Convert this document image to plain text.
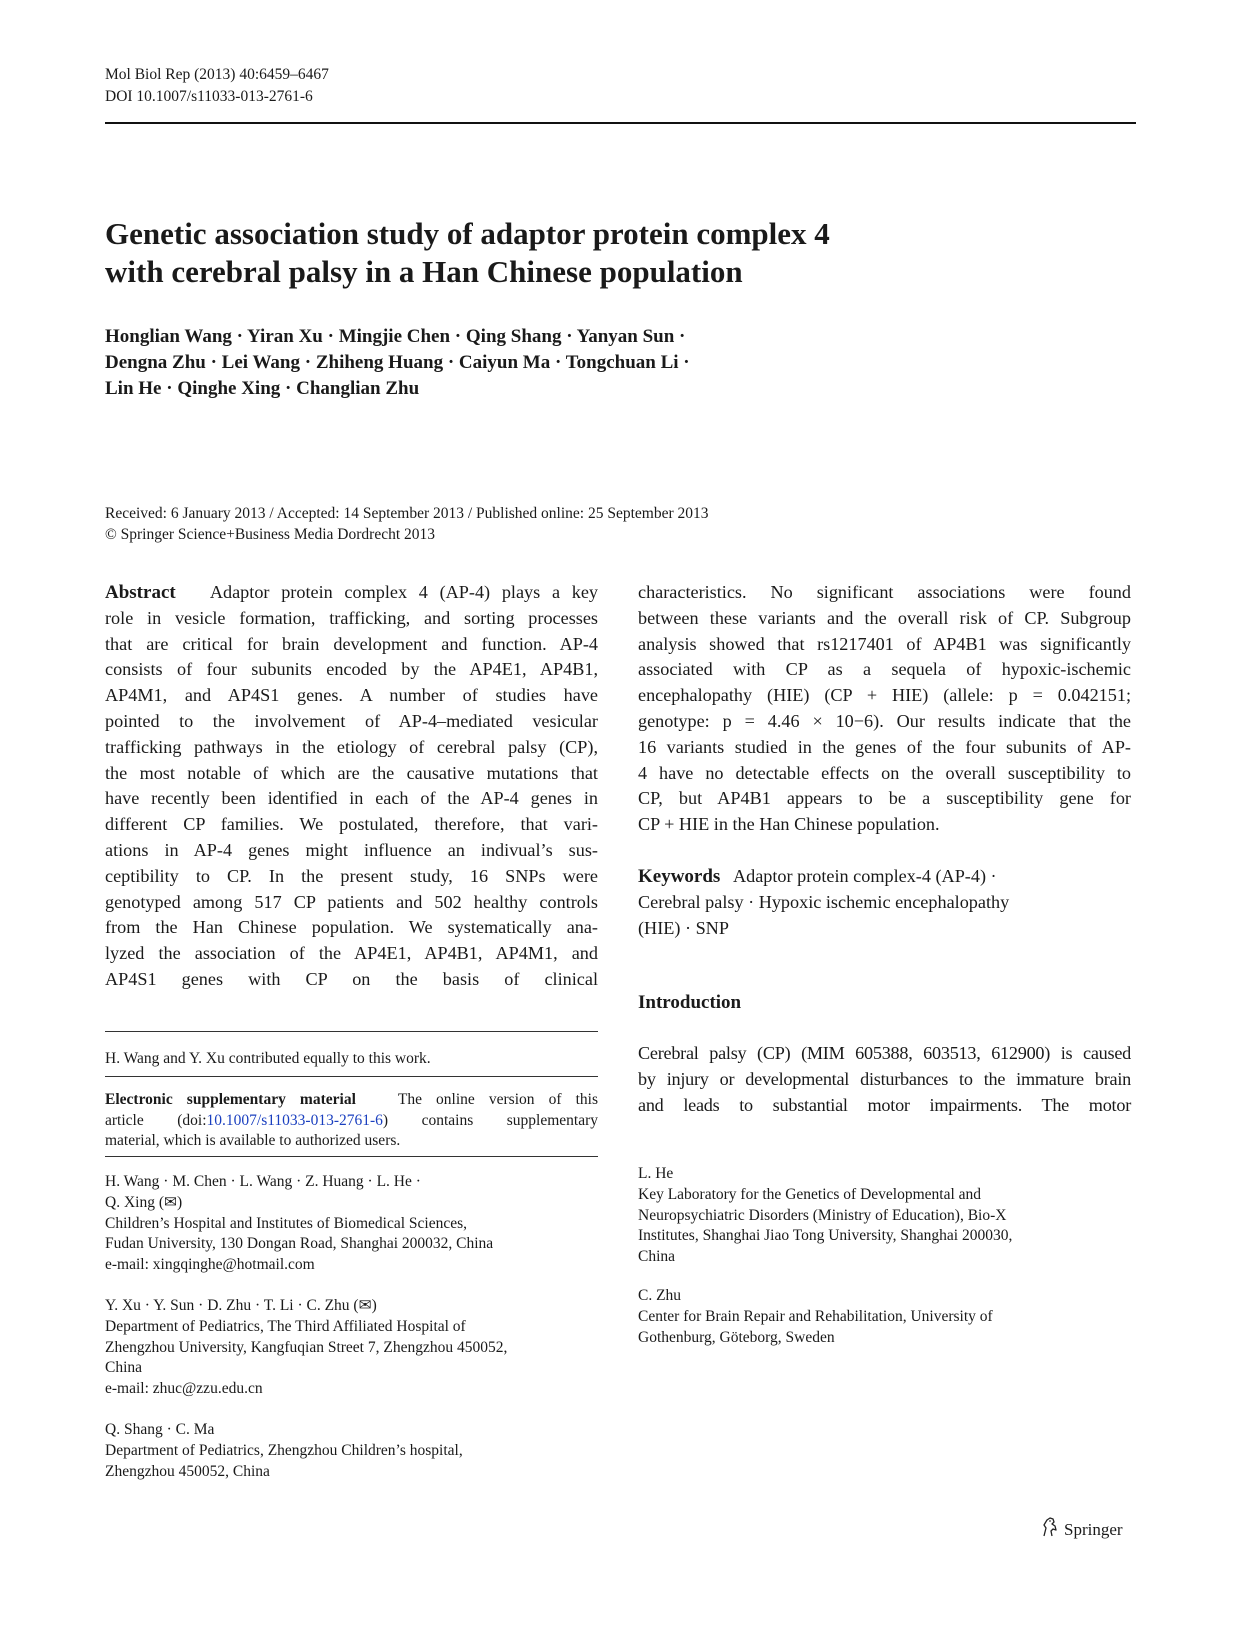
Mol Biol Rep (2013) 40:6459–6467
DOI 10.1007/s11033-013-2761-6
Genetic association study of adaptor protein complex 4
with cerebral palsy in a Han Chinese population
Honglian Wang · Yiran Xu · Mingjie Chen · Qing Shang · Yanyan Sun ·
Dengna Zhu · Lei Wang · Zhiheng Huang · Caiyun Ma · Tongchuan Li ·
Lin He · Qinghe Xing · Changlian Zhu
Received: 6 January 2013 / Accepted: 14 September 2013 / Published online: 25 September 2013
© Springer Science+Business Media Dordrecht 2013
Abstract Adaptor protein complex 4 (AP-4) plays a key
role in vesicle formation, trafficking, and sorting processes
that are critical for brain development and function. AP-4
consists of four subunits encoded by the AP4E1, AP4B1,
AP4M1, and AP4S1 genes. A number of studies have
pointed to the involvement of AP-4–mediated vesicular
trafficking pathways in the etiology of cerebral palsy (CP),
the most notable of which are the causative mutations that
have recently been identified in each of the AP-4 genes in
different CP families. We postulated, therefore, that vari-
ations in AP-4 genes might influence an indivual’s sus-
ceptibility to CP. In the present study, 16 SNPs were
genotyped among 517 CP patients and 502 healthy controls
from the Han Chinese population. We systematically ana-
lyzed the association of the AP4E1, AP4B1, AP4M1, and
AP4S1 genes with CP on the basis of clinical
characteristics. No significant associations were found
between these variants and the overall risk of CP. Subgroup
analysis showed that rs1217401 of AP4B1 was significantly
associated with CP as a sequela of hypoxic-ischemic
encephalopathy (HIE) (CP + HIE) (allele: p = 0.042151;
genotype: p = 4.46 × 10−6). Our results indicate that the
16 variants studied in the genes of the four subunits of AP-
4 have no detectable effects on the overall susceptibility to
CP, but AP4B1 appears to be a susceptibility gene for
CP + HIE in the Han Chinese population.
Keywords Adaptor protein complex-4 (AP-4) ·
Cerebral palsy · Hypoxic ischemic encephalopathy
(HIE) · SNP
Introduction
Cerebral palsy (CP) (MIM 605388, 603513, 612900) is caused
by injury or developmental disturbances to the immature brain
and leads to substantial motor impairments. The motor
H. Wang and Y. Xu contributed equally to this work.
Electronic supplementary material	The online version of this
article (doi:10.1007/s11033-013-2761-6) contains supplementary
material, which is available to authorized users.
H. Wang · M. Chen · L. Wang · Z. Huang · L. He ·
Q. Xing (✉)
Children’s Hospital and Institutes of Biomedical Sciences,
Fudan University, 130 Dongan Road, Shanghai 200032, China
e-mail: xingqinghe@hotmail.com
Y. Xu · Y. Sun · D. Zhu · T. Li · C. Zhu (✉)
Department of Pediatrics, The Third Affiliated Hospital of
Zhengzhou University, Kangfuqian Street 7, Zhengzhou 450052,
China
e-mail: zhuc@zzu.edu.cn
Q. Shang · C. Ma
Department of Pediatrics, Zhengzhou Children’s hospital,
Zhengzhou 450052, China
L. He
Key Laboratory for the Genetics of Developmental and
Neuropsychiatric Disorders (Ministry of Education), Bio-X
Institutes, Shanghai Jiao Tong University, Shanghai 200030,
China
C. Zhu
Center for Brain Repair and Rehabilitation, University of
Gothenburg, Göteborg, Sweden
Springer
